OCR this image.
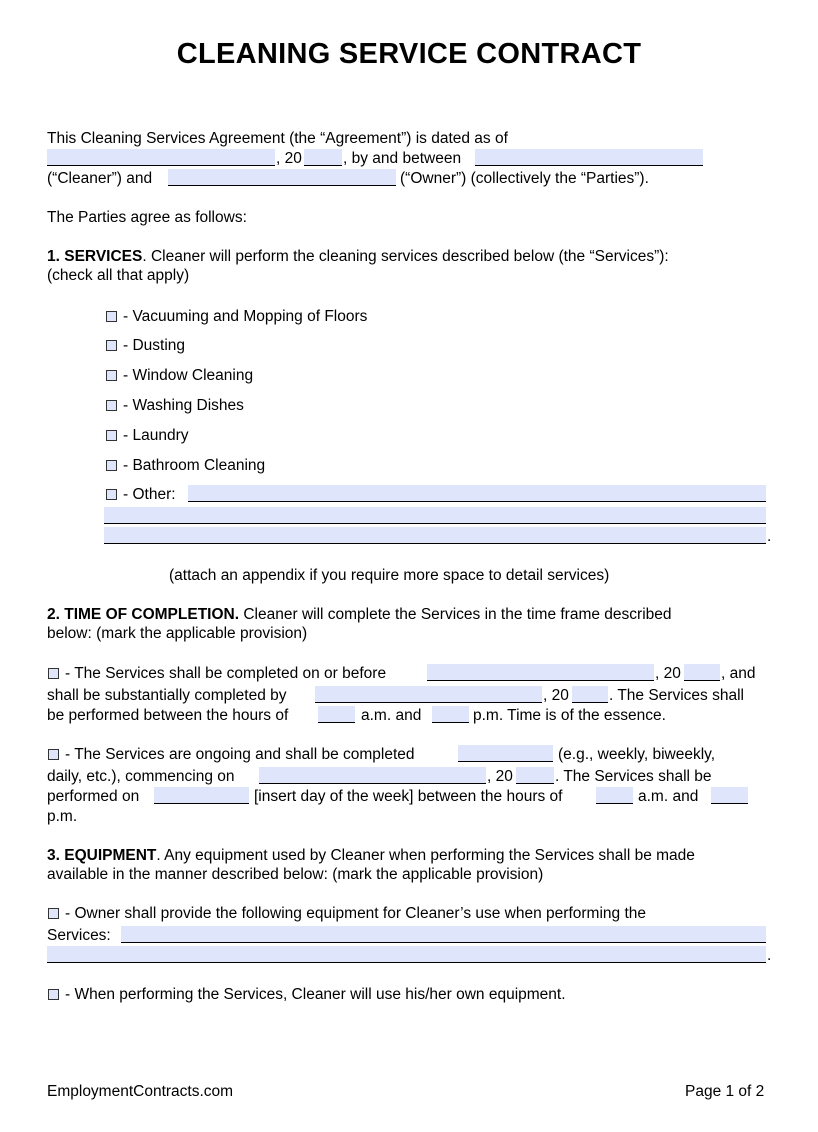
CLEANING SERVICE CONTRACT
This Cleaning Services Agreement (the “Agreement”) is dated as of
, 20	, by and between
(“Cleaner”) and	(“Owner”) (collectively the “Parties”).
The Parties agree as follows:
1. SERVICES. Cleaner will perform the cleaning services described below (the “Services”):
(check all that apply)
- Vacuuming and Mopping of Floors
- Dusting
- Window Cleaning
- Washing Dishes
- Laundry
- Bathroom Cleaning
- Other:
.
(attach an appendix if you require more space to detail services)
2. TIME OF COMPLETION. Cleaner will complete the Services in the time frame described
below: (mark the applicable provision)
- The Services shall be completed on or before	, 20	, and
shall be substantially completed by	, 20	. The Services shall
be performed between the hours of	a.m. and	p.m. Time is of the essence.
- The Services are ongoing and shall be completed	(e.g., weekly, biweekly,
daily, etc.), commencing on	, 20	. The Services shall be
performed on	[insert day of the week] between the hours of	a.m. and
p.m.
3. EQUIPMENT. Any equipment used by Cleaner when performing the Services shall be made
available in the manner described below: (mark the applicable provision)
- Owner shall provide the following equipment for Cleaner’s use when performing the
Services:
.
- When performing the Services, Cleaner will use his/her own equipment.
EmploymentContracts.com	Page 1 of 2
